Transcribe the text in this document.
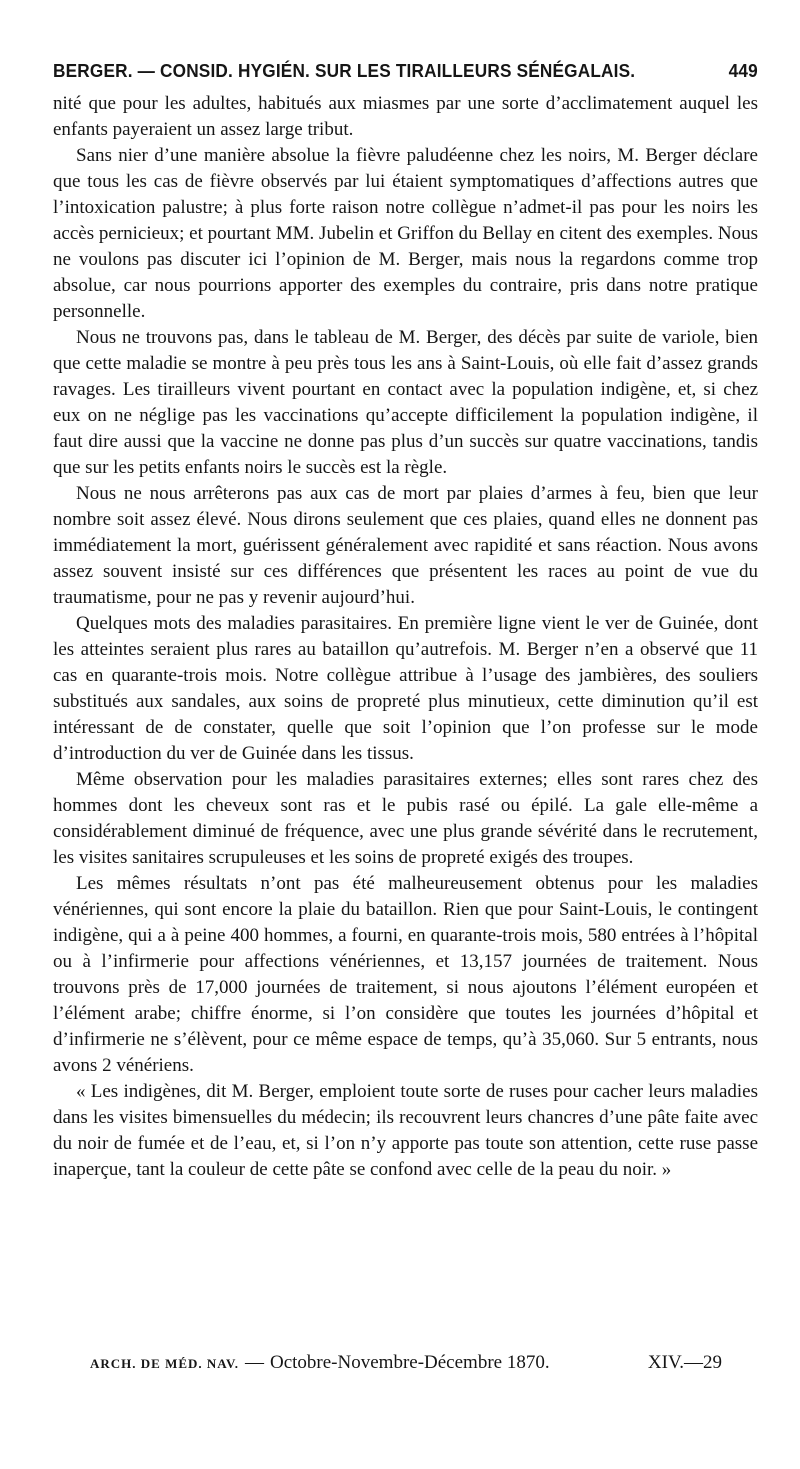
BERGER. — CONSID. HYGIÉN. SUR LES TIRAILLEURS SÉNÉGALAIS.	449

nité que pour les adultes, habitués aux miasmes par une sorte d’acclimatement auquel les enfants payeraient un assez large tribut.

Sans nier d’une manière absolue la fièvre paludéenne chez les noirs, M. Berger déclare que tous les cas de fièvre observés par lui étaient symptomatiques d’affections autres que l’intoxication palustre; à plus forte raison notre collègue n’admet-il pas pour les noirs les accès pernicieux; et pourtant MM. Jubelin et Griffon du Bellay en citent des exemples. Nous ne voulons pas discuter ici l’opinion de M. Berger, mais nous la regardons comme trop absolue, car nous pourrions apporter des exemples du contraire, pris dans notre pratique personnelle.

Nous ne trouvons pas, dans le tableau de M. Berger, des décès par suite de variole, bien que cette maladie se montre à peu près tous les ans à Saint-Louis, où elle fait d’assez grands ravages. Les tirailleurs vivent pourtant en contact avec la population indigène, et, si chez eux on ne néglige pas les vaccinations qu’accepte difficilement la population indigène, il faut dire aussi que la vaccine ne donne pas plus d’un succès sur quatre vaccinations, tandis que sur les petits enfants noirs le succès est la règle.

Nous ne nous arrêterons pas aux cas de mort par plaies d’armes à feu, bien que leur nombre soit assez élevé. Nous dirons seulement que ces plaies, quand elles ne donnent pas immédiatement la mort, guérissent généralement avec rapidité et sans réaction. Nous avons assez souvent insisté sur ces différences que présentent les races au point de vue du traumatisme, pour ne pas y revenir aujourd’hui.

Quelques mots des maladies parasitaires. En première ligne vient le ver de Guinée, dont les atteintes seraient plus rares au bataillon qu’autrefois. M. Berger n’en a observé que 11 cas en quarante-trois mois. Notre collègue attribue à l’usage des jambières, des souliers substitués aux sandales, aux soins de propreté plus minutieux, cette diminution qu’il est intéressant de de constater, quelle que soit l’opinion que l’on professe sur le mode d’introduction du ver de Guinée dans les tissus.

Même observation pour les maladies parasitaires externes; elles sont rares chez des hommes dont les cheveux sont ras et le pubis rasé ou épilé. La gale elle-même a considérablement diminué de fréquence, avec une plus grande sévérité dans le recrutement, les visites sanitaires scrupuleuses et les soins de propreté exigés des troupes.

Les mêmes résultats n’ont pas été malheureusement obtenus pour les maladies vénériennes, qui sont encore la plaie du bataillon. Rien que pour Saint-Louis, le contingent indigène, qui a à peine 400 hommes, a fourni, en quarante-trois mois, 580 entrées à l’hôpital ou à l’infirmerie pour affections vénériennes, et 13,157 journées de traitement. Nous trouvons près de 17,000 journées de traitement, si nous ajoutons l’élément européen et l’élément arabe; chiffre énorme, si l’on considère que toutes les journées d’hôpital et d’infirmerie ne s’élèvent, pour ce même espace de temps, qu’à 35,060. Sur 5 entrants, nous avons 2 vénériens.

« Les indigènes, dit M. Berger, emploient toute sorte de ruses pour cacher leurs maladies dans les visites bimensuelles du médecin; ils recouvrent leurs chancres d’une pâte faite avec du noir de fumée et de l’eau, et, si l’on n’y apporte pas toute son attention, cette ruse passe inaperçue, tant la couleur de cette pâte se confond avec celle de la peau du noir. »

ARCH. DE MÉD. NAV. — Octobre-Novembre-Décembre 1870.	XIV.—29
